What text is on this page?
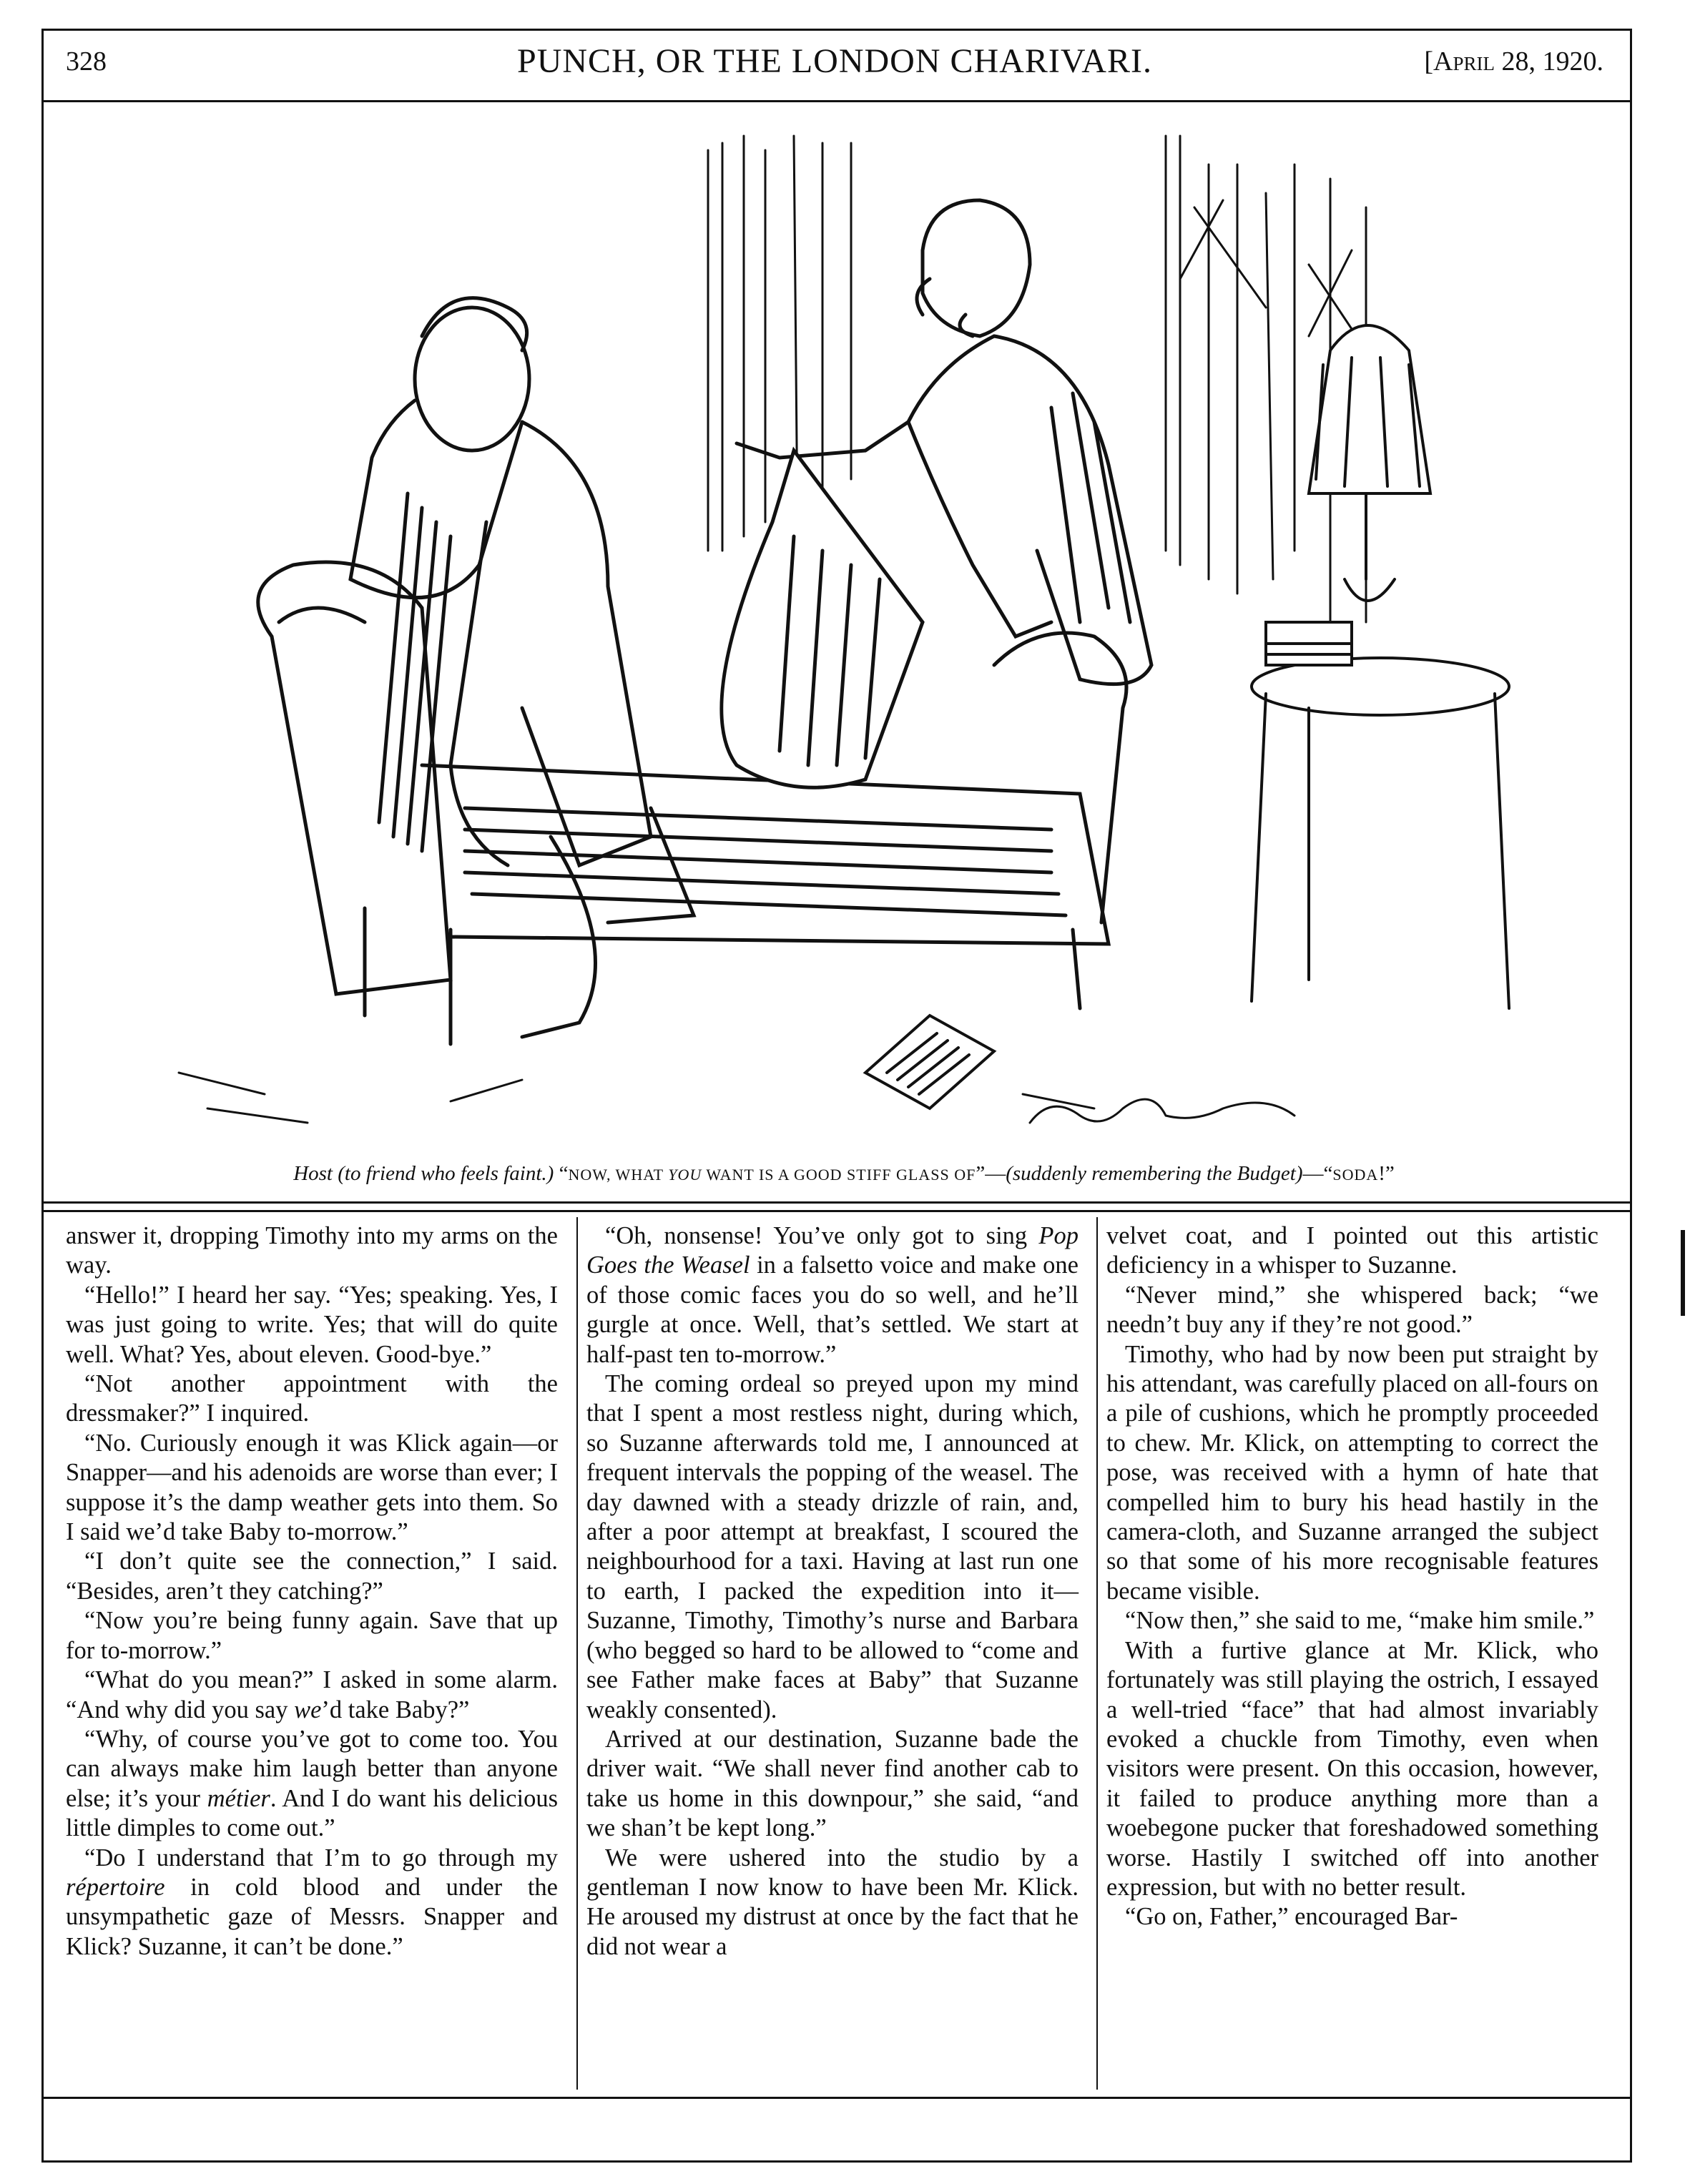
328	PUNCH, OR THE LONDON CHARIVARI.	[April 28, 1920.
Host (to friend who feels faint.) “NOW, WHAT YOU WANT IS A GOOD STIFF GLASS OF”—(suddenly remembering the Budget)—“SODA!”

answer it, dropping Timothy into my arms on the way.

“Hello!” I heard her say. “Yes; speaking. Yes, I was just going to write. Yes; that will do quite well. What? Yes, about eleven. Good-bye.”

“Not another appointment with the dressmaker?” I inquired.

“No. Curiously enough it was Klick again—or Snapper—and his adenoids are worse than ever; I suppose it’s the damp weather gets into them. So I said we’d take Baby to-morrow.”

“I don’t quite see the connection,” I said. “Besides, aren’t they catching?”

“Now you’re being funny again. Save that up for to-morrow.”

“What do you mean?” I asked in some alarm. “And why did you say we’d take Baby?”

“Why, of course you’ve got to come too. You can always make him laugh better than anyone else; it’s your métier. And I do want his delicious little dimples to come out.”

“Do I understand that I’m to go through my répertoire in cold blood and under the unsympathetic gaze of Messrs. Snapper and Klick? Suzanne, it can’t be done.”

“Oh, nonsense! You’ve only got to sing Pop Goes the Weasel in a falsetto voice and make one of those comic faces you do so well, and he’ll gurgle at once. Well, that’s settled. We start at half-past ten to-morrow.”

The coming ordeal so preyed upon my mind that I spent a most restless night, during which, so Suzanne afterwards told me, I announced at frequent intervals the popping of the weasel. The day dawned with a steady drizzle of rain, and, after a poor attempt at breakfast, I scoured the neighbourhood for a taxi. Having at last run one to earth, I packed the expedition into it—Suzanne, Timothy, Timothy’s nurse and Barbara (who begged so hard to be allowed to “come and see Father make faces at Baby” that Suzanne weakly consented).

Arrived at our destination, Suzanne bade the driver wait. “We shall never find another cab to take us home in this downpour,” she said, “and we shan’t be kept long.”

We were ushered into the studio by a gentleman I now know to have been Mr. Klick. He aroused my distrust at once by the fact that he did not wear a

velvet coat, and I pointed out this artistic deficiency in a whisper to Suzanne.

“Never mind,” she whispered back; “we needn’t buy any if they’re not good.”

Timothy, who had by now been put straight by his attendant, was carefully placed on all-fours on a pile of cushions, which he promptly proceeded to chew. Mr. Klick, on attempting to correct the pose, was received with a hymn of hate that compelled him to bury his head hastily in the camera-cloth, and Suzanne arranged the subject so that some of his more recognisable features became visible.

“Now then,” she said to me, “make him smile.”

With a furtive glance at Mr. Klick, who fortunately was still playing the ostrich, I essayed a well-tried “face” that had almost invariably evoked a chuckle from Timothy, even when visitors were present. On this occasion, however, it failed to produce anything more than a woebegone pucker that foreshadowed something worse. Hastily I switched off into another expression, but with no better result.

“Go on, Father,” encouraged Bar-
